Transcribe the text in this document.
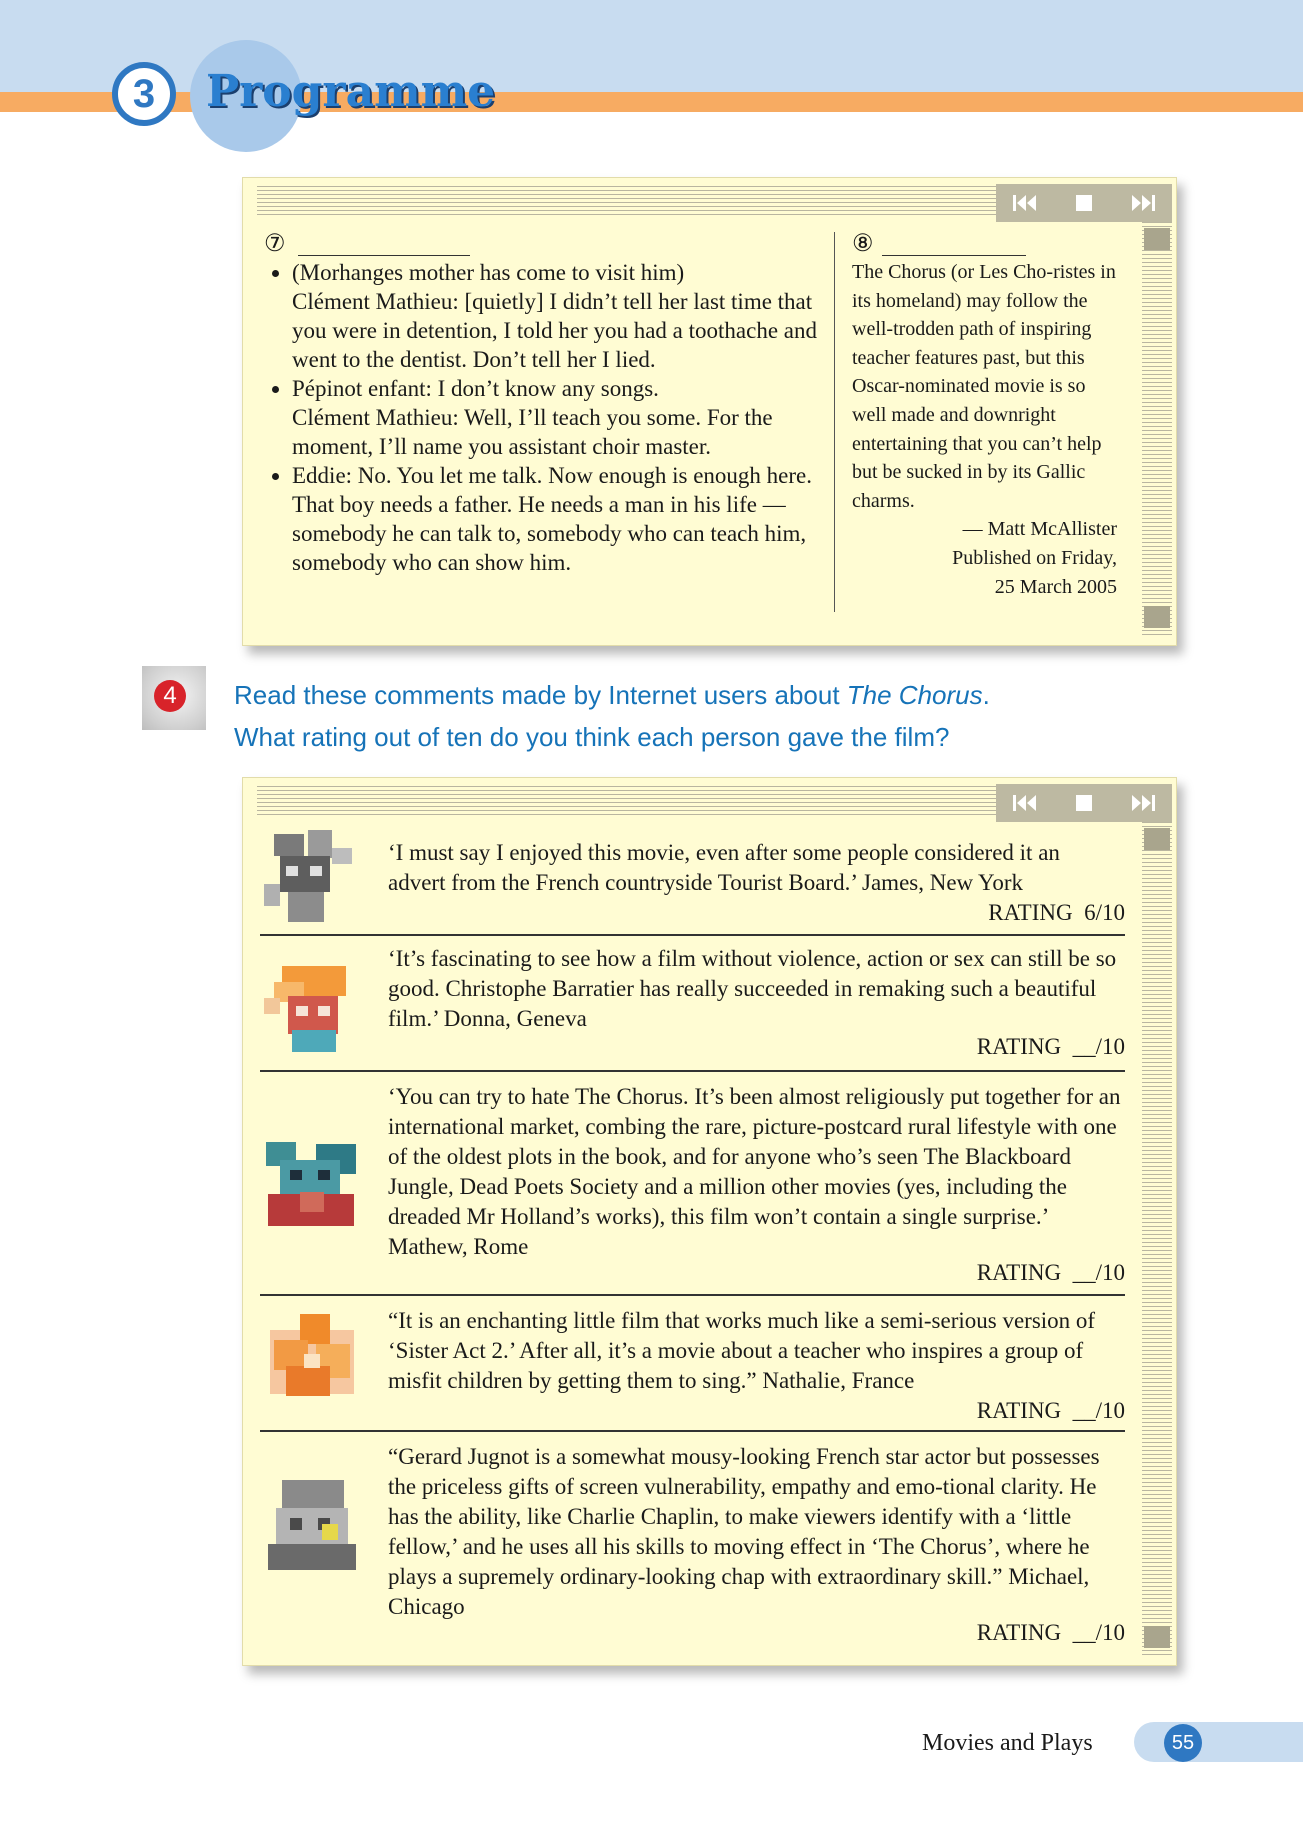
3	Programme
⑦

• (Morhanges mother has come to visit him)

Clément Mathieu: [quietly] I didn’t tell her last time that you were in detention, I told her you had a toothache and went to the dentist. Don’t tell her I lied.

• Pépinot enfant: I don’t know any songs.

Clément Mathieu: Well, I’ll teach you some. For the moment, I’ll name you assistant choir master.

• Eddie: No. You let me talk. Now enough is enough here. That boy needs a father. He needs a man in his life — somebody he can talk to, somebody who can teach him, somebody who can show him.

⑧
The Chorus (or Les Cho-ristes in its homeland) may follow the well-trodden path of inspiring teacher features past, but this Oscar-nominated movie is so well made and downright entertaining that you can’t help but be sucked in by its Gallic charms.
— Matt McAllister
Published on Friday,
25 March 2005
4	Read these comments made by Internet users about The Chorus.
What rating out of ten do you think each person gave the film?

‘I must say I enjoyed this movie, even after some people considered it an advert from the French countryside Tourist Board.’ James, New York

RATING  6/10

‘It’s fascinating to see how a film without violence, action or sex can still be so good. Christophe Barratier has really succeeded in remaking such a beautiful film.’ Donna, Geneva

RATING  __/10

‘You can try to hate The Chorus. It’s been almost religiously put together for an international market, combing the rare, picture-postcard rural lifestyle with one of the oldest plots in the book, and for anyone who’s seen The Blackboard Jungle, Dead Poets Society and a million other movies (yes, including the dreaded Mr Holland’s works), this film won’t contain a single surprise.’ Mathew, Rome

RATING  __/10

“It is an enchanting little film that works much like a semi-serious version of ‘Sister Act 2.’ After all, it’s a movie about a teacher who inspires a group of misfit children by getting them to sing.” Nathalie, France

RATING  __/10

“Gerard Jugnot is a somewhat mousy-looking French star actor but possesses the priceless gifts of screen vulnerability, empathy and emo-tional clarity. He has the ability, like Charlie Chaplin, to make viewers identify with a ‘little fellow,’ and he uses all his skills to moving effect in ‘The Chorus’, where he plays a supremely ordinary-looking chap with extraordinary skill.” Michael, Chicago

RATING  __/10
Movies and Plays	55
